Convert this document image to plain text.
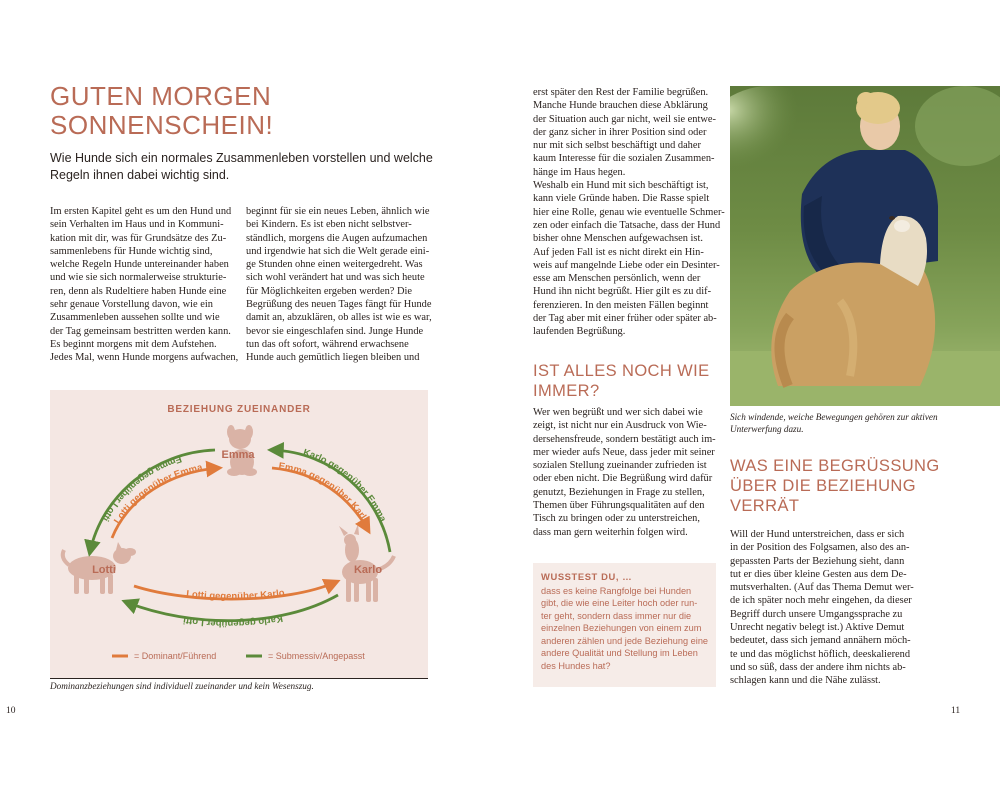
GUTEN MORGEN
SONNENSCHEIN!
Wie Hunde sich ein normales Zusammenleben vorstellen und welche
Regeln ihnen dabei wichtig sind.
Im ersten Kapitel geht es um den Hund und
sein Verhalten im Haus und in Kommuni-
kation mit dir, was für Grundsätze des Zu-
sammenlebens für Hunde wichtig sind,
welche Regeln Hunde untereinander haben
und wie sie sich normalerweise strukturie-
ren, denn als Rudeltiere haben Hunde eine
sehr genaue Vorstellung davon, wie ein
Zusammenleben aussehen sollte und wie
der Tag gemeinsam bestritten werden kann.
Es beginnt morgens mit dem Aufstehen.
Jedes Mal, wenn Hunde morgens aufwachen,
beginnt für sie ein neues Leben, ähnlich wie
bei Kindern. Es ist eben nicht selbstver-
ständlich, morgens die Augen aufzumachen
und irgendwie hat sich die Welt gerade eini-
ge Stunden ohne einen weitergedreht. Was
sich wohl verändert hat und was sich heute
für Möglichkeiten ergeben werden? Die
Begrüßung des neuen Tages fängt für Hunde
damit an, abzuklären, ob alles ist wie es war,
bevor sie eingeschlafen sind. Junge Hunde
tun das oft sofort, während erwachsene
Hunde auch gemütlich liegen bleiben und
BEZIEHUNG ZUEINANDER
Emma
Lotti	Karlo
Emma gegenüber Lotti Lotti gegenüber Emma
Karlo gegenüber Emma
Emma gegenüber Karlo
Lotti gegenüber Karlo
Karlo gegenüber Lotti
= Dominant/Führend	= Submessiv/Angepasst
Dominanzbeziehungen sind individuell zueinander und kein Wesenszug.
10
erst später den Rest der Familie begrüßen.
Manche Hunde brauchen diese Abklärung
der Situation auch gar nicht, weil sie entwe-
der ganz sicher in ihrer Position sind oder
nur mit sich selbst beschäftigt und daher
kaum Interesse für die sozialen Zusammen-
hänge im Haus hegen.
Weshalb ein Hund mit sich beschäftigt ist,
kann viele Gründe haben. Die Rasse spielt
hier eine Rolle, genau wie eventuelle Schmer-
zen oder einfach die Tatsache, dass der Hund
bisher ohne Menschen aufgewachsen ist.
Auf jeden Fall ist es nicht direkt ein Hin-
weis auf mangelnde Liebe oder ein Desinter-
esse am Menschen persönlich, wenn der
Hund ihn nicht begrüßt. Hier gilt es zu dif-
ferenzieren. In den meisten Fällen beginnt
der Tag aber mit einer früher oder später ab-
laufenden Begrüßung.
IST ALLES NOCH WIE
IMMER?
Wer wen begrüßt und wer sich dabei wie
zeigt, ist nicht nur ein Ausdruck von Wie-
dersehensfreude, sondern bestätigt auch im-
mer wieder aufs Neue, dass jeder mit seiner
sozialen Stellung zueinander zufrieden ist
oder eben nicht. Die Begrüßung wird dafür
genutzt, Beziehungen in Frage zu stellen,
Themen über Führungsqualitäten auf den
Tisch zu bringen oder zu unterstreichen,
dass man gern weiterhin folgen wird.
WUSSTEST DU, …
dass es keine Rangfolge bei Hunden
gibt, die wie eine Leiter hoch oder run-
ter geht, sondern dass immer nur die
einzelnen Beziehungen von einem zum
anderen zählen und jede Beziehung eine
andere Qualität und Stellung im Leben
des Hundes hat?
Sich windende, weiche Bewegungen gehören zur aktiven
Unterwerfung dazu.
WAS EINE BEGRÜSSUNG
ÜBER DIE BEZIEHUNG
VERRÄT
Will der Hund unterstreichen, dass er sich
in der Position des Folgsamen, also des an-
gepassten Parts der Beziehung sieht, dann
tut er dies über kleine Gesten aus dem De-
mutsverhalten. (Auf das Thema Demut wer-
de ich später noch mehr eingehen, da dieser
Begriff durch unsere Umgangssprache zu
Unrecht negativ belegt ist.) Aktive Demut
bedeutet, dass sich jemand annähern möch-
te und das möglichst höflich, deeskalierend
und so süß, dass der andere ihm nichts ab-
schlagen kann und die Nähe zulässt.
11
